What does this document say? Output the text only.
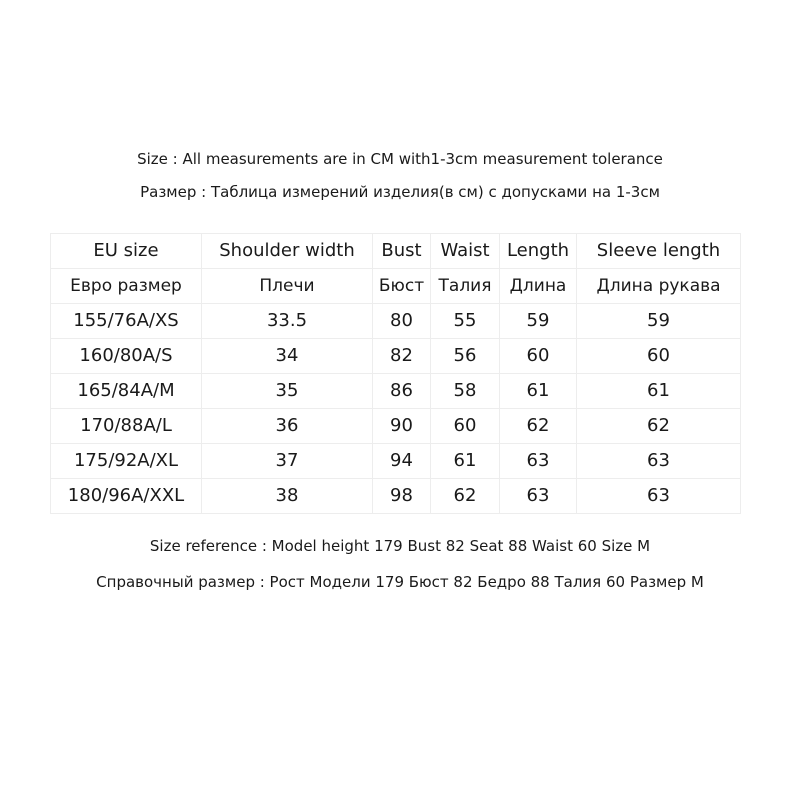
Size : All measurements are in CM with1-3cm measurement tolerance
Размер : Таблица измерений изделия(в см) с допусками на 1-3см
EU size	Shoulder width	Bust	Waist	Length	Sleeve length
Евро размер	Плечи	Бюст	Талия	Длина	Длина рукава
155/76A/XS	33.5	80	55	59	59
160/80A/S	34	82	56	60	60
165/84A/M	35	86	58	61	61
170/88A/L	36	90	60	62	62
175/92A/XL	37	94	61	63	63
180/96A/XXL	38	98	62	63	63
Size reference : Model height 179 Bust 82 Seat 88 Waist 60 Size M
Справочный размер : Рост Модели 179 Бюст 82 Бедро 88 Талия 60 Размер M
